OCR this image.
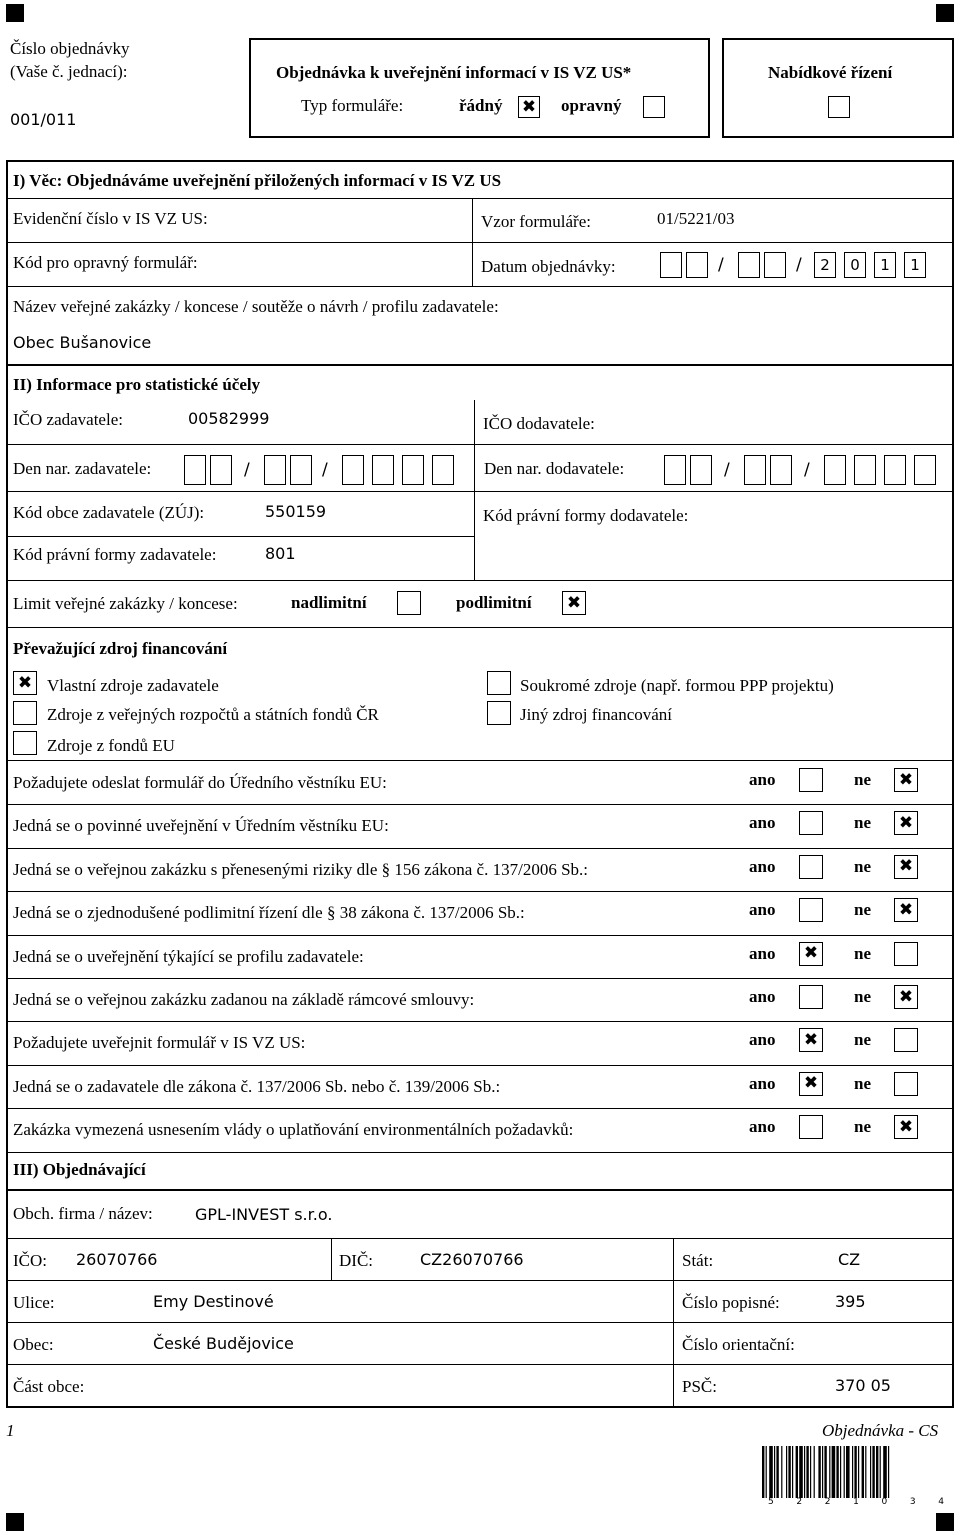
Číslo objednávky
(Vaše č. jednací):
001/011
Objednávka k uveřejnění informací v IS VZ US*
Typ formuláře:	řádný ✖ opravný
Nabídkové řízení
I) Věc: Objednáváme uveřejnění přiložených informací v IS VZ US
Evidenční číslo v IS VZ US:	Vzor formuláře:	01/5221/03
Kód pro opravný formulář:	Datum objednávky:	/	/	2	0	1	1
Název veřejné zakázky / koncese / soutěže o návrh / profilu zadavatele:
Obec Bušanovice
II) Informace pro statistické účely
IČO zadavatele:	00582999	IČO dodavatele:
Den nar. zadavatele:	/	/	Den nar. dodavatele:	/	/
Kód obce zadavatele (ZÚJ):	550159	Kód právní formy dodavatele:
Kód právní formy zadavatele:	801
Limit veřejné zakázky / koncese:	nadlimitní	podlimitní ✖
Převažující zdroj financování
✖ Vlastní zdroje zadavatele
Zdroje z veřejných rozpočtů a státních fondů ČR
Zdroje z fondů EU
Soukromé zdroje (např. formou PPP projektu)
Jiný zdroj financování
Požadujete odeslat formulář do Úředního věstníku EU:	ano	ne ✖
Jedná se o povinné uveřejnění v Úředním věstníku EU:	ano	ne ✖
Jedná se o veřejnou zakázku s přenesenými riziky dle § 156 zákona č. 137/2006 Sb.:	ano	ne ✖
Jedná se o zjednodušené podlimitní řízení dle § 38 zákona č. 137/2006 Sb.:	ano	ne ✖
Jedná se o uveřejnění týkající se profilu zadavatele:	ano ✖ ne
Jedná se o veřejnou zakázku zadanou na základě rámcové smlouvy:	ano	ne ✖
Požadujete uveřejnit formulář v IS VZ US:	ano ✖ ne
Jedná se o zadavatele dle zákona č. 137/2006 Sb. nebo č. 139/2006 Sb.:	ano ✖ ne
Zakázka vymezená usnesením vlády o uplatňování environmentálních požadavků:	ano	ne ✖
III) Objednávající
Obch. firma / název:	GPL-INVEST s.r.o.
IČO: 26070766	DIČ:	CZ26070766	Stát:	CZ
Ulice:	Emy Destinové	Číslo popisné:	395
Obec:	České Budějovice	Číslo orientační:
Část obce:	PSČ:	370 05
1	Objednávka - CS
5	2	2	1	0	3	4
